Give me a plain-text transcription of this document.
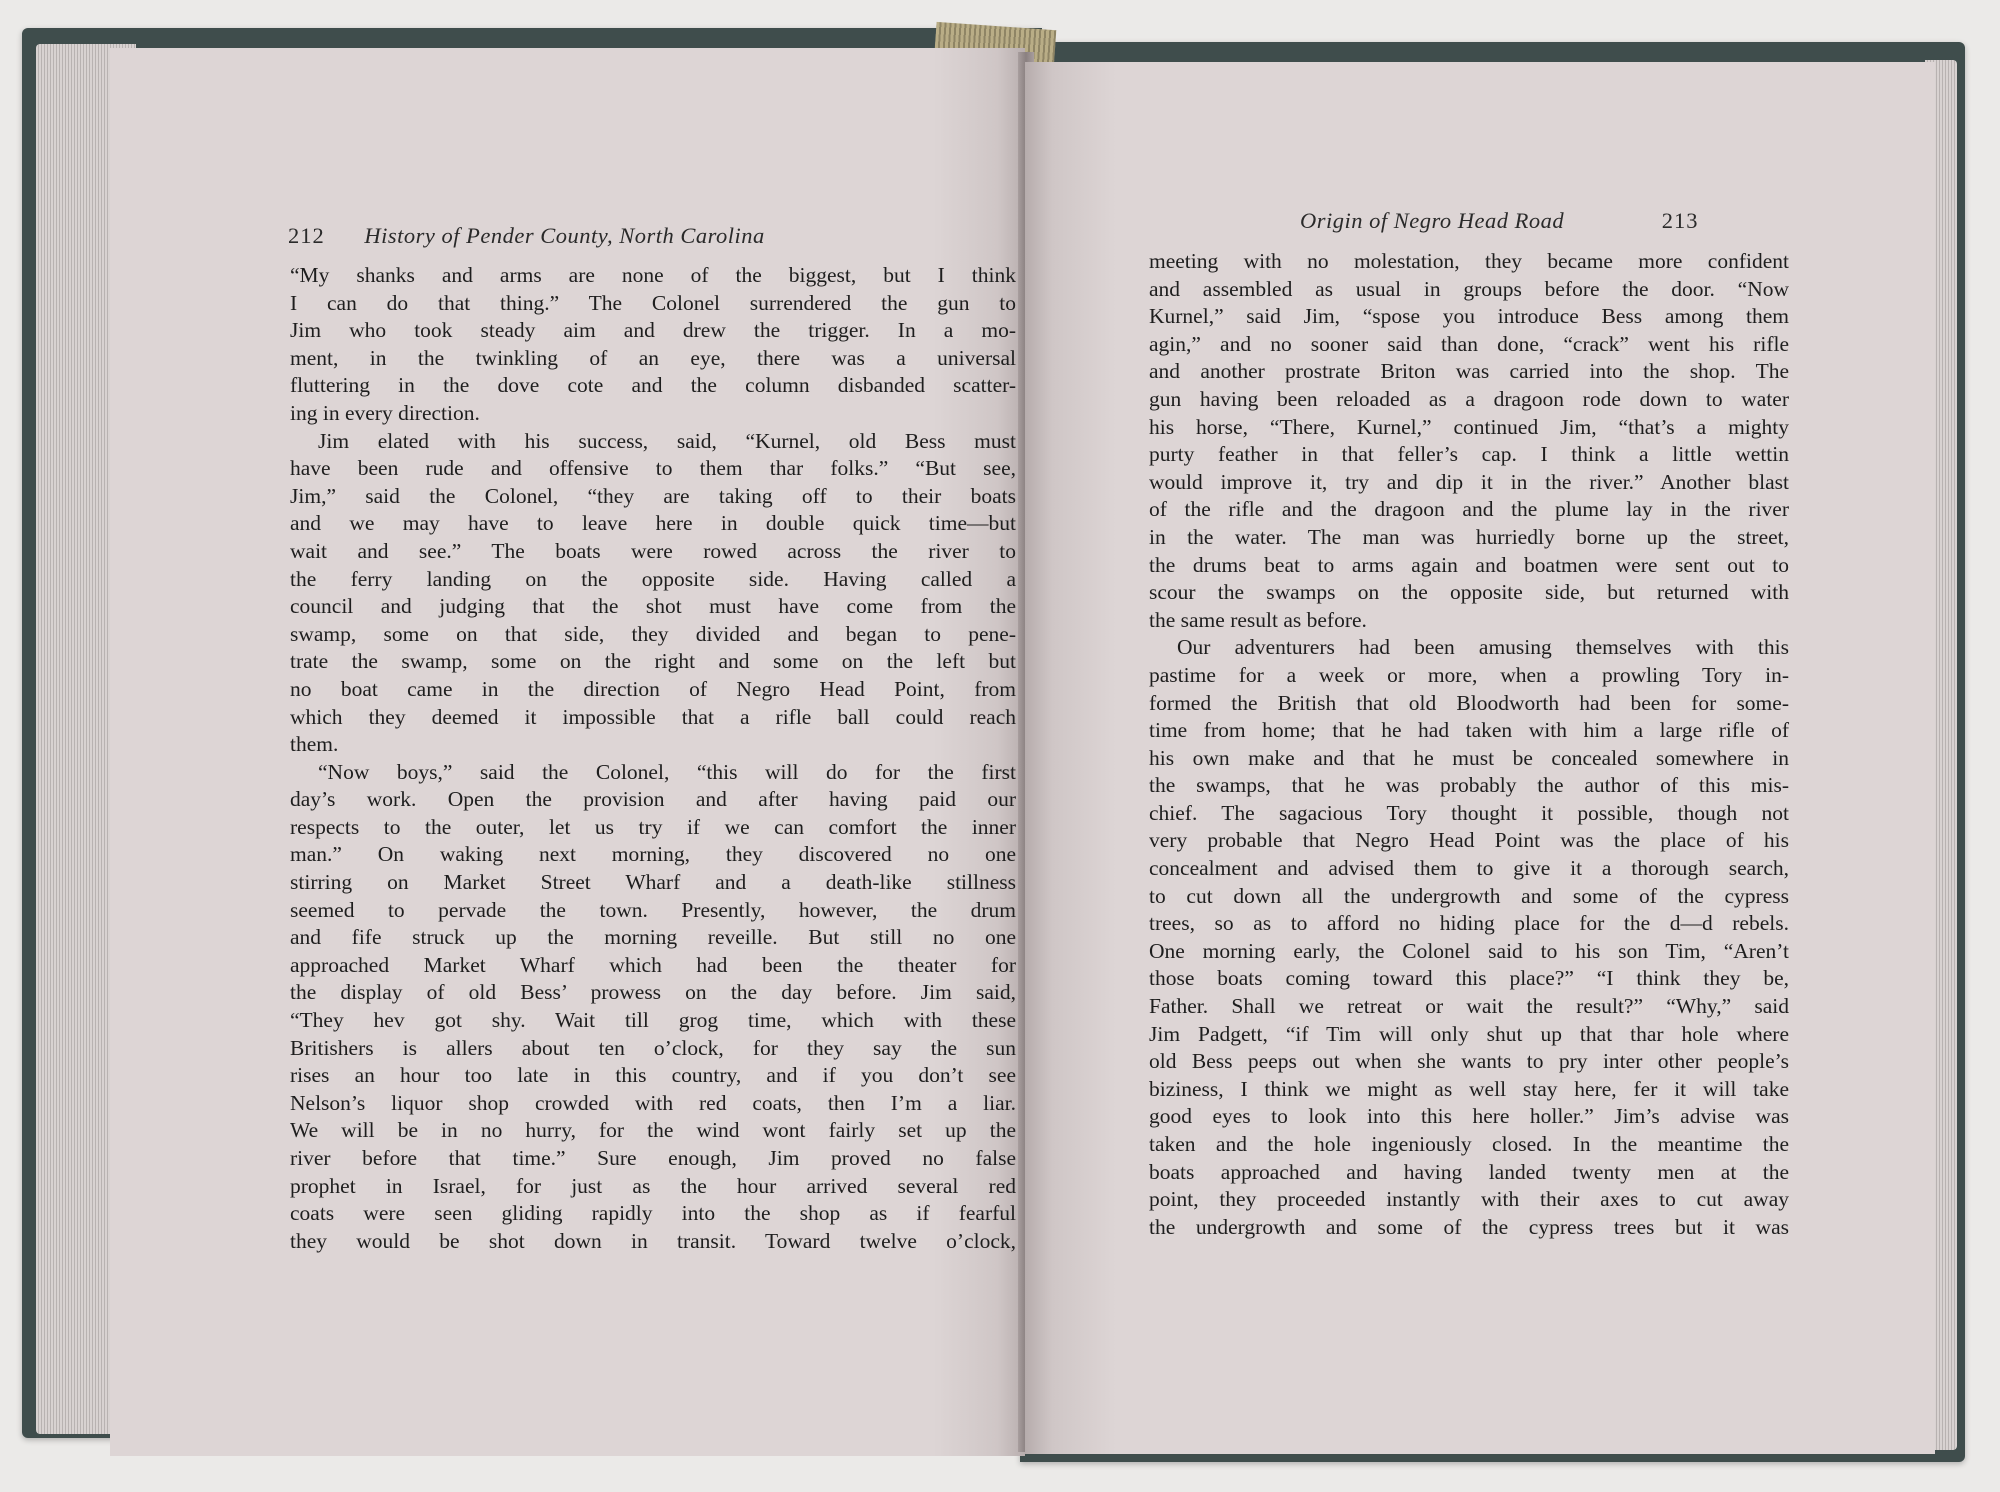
212 History of Pender County, North Carolina
“My shanks and arms are none of the biggest, but I think
I can do that thing.” The Colonel surrendered the gun to
Jim who took steady aim and drew the trigger. In a mo-
ment, in the twinkling of an eye, there was a universal
fluttering in the dove cote and the column disbanded scatter-
ing in every direction.
Jim elated with his success, said, “Kurnel, old Bess must
have been rude and offensive to them thar folks.” “But see,
Jim,” said the Colonel, “they are taking off to their boats
and we may have to leave here in double quick time—but
wait and see.” The boats were rowed across the river to
the ferry landing on the opposite side. Having called a
council and judging that the shot must have come from the
swamp, some on that side, they divided and began to pene-
trate the swamp, some on the right and some on the left but
no boat came in the direction of Negro Head Point, from
which they deemed it impossible that a rifle ball could reach
them.
“Now boys,” said the Colonel, “this will do for the first
day’s work. Open the provision and after having paid our
respects to the outer, let us try if we can comfort the inner
man.” On waking next morning, they discovered no one
stirring on Market Street Wharf and a death-like stillness
seemed to pervade the town. Presently, however, the drum
and fife struck up the morning reveille. But still no one
approached Market Wharf which had been the theater for
the display of old Bess’ prowess on the day before. Jim said,
“They hev got shy. Wait till grog time, which with these
Britishers is allers about ten o’clock, for they say the sun
rises an hour too late in this country, and if you don’t see
Nelson’s liquor shop crowded with red coats, then I’m a liar.
We will be in no hurry, for the wind wont fairly set up the
river before that time.” Sure enough, Jim proved no false
prophet in Israel, for just as the hour arrived several red
coats were seen gliding rapidly into the shop as if fearful
they would be shot down in transit. Toward twelve o’clock,
Origin of Negro Head Road	213
meeting with no molestation, they became more confident
and assembled as usual in groups before the door. “Now
Kurnel,” said Jim, “spose you introduce Bess among them
agin,” and no sooner said than done, “crack” went his rifle
and another prostrate Briton was carried into the shop. The
gun having been reloaded as a dragoon rode down to water
his horse, “There, Kurnel,” continued Jim, “that’s a mighty
purty feather in that feller’s cap. I think a little wettin
would improve it, try and dip it in the river.” Another blast
of the rifle and the dragoon and the plume lay in the river
in the water. The man was hurriedly borne up the street,
the drums beat to arms again and boatmen were sent out to
scour the swamps on the opposite side, but returned with
the same result as before.
Our adventurers had been amusing themselves with this
pastime for a week or more, when a prowling Tory in-
formed the British that old Bloodworth had been for some-
time from home; that he had taken with him a large rifle of
his own make and that he must be concealed somewhere in
the swamps, that he was probably the author of this mis-
chief. The sagacious Tory thought it possible, though not
very probable that Negro Head Point was the place of his
concealment and advised them to give it a thorough search,
to cut down all the undergrowth and some of the cypress
trees, so as to afford no hiding place for the d—d rebels.
One morning early, the Colonel said to his son Tim, “Aren’t
those boats coming toward this place?” “I think they be,
Father. Shall we retreat or wait the result?” “Why,” said
Jim Padgett, “if Tim will only shut up that thar hole where
old Bess peeps out when she wants to pry inter other people’s
biziness, I think we might as well stay here, fer it will take
good eyes to look into this here holler.” Jim’s advise was
taken and the hole ingeniously closed. In the meantime the
boats approached and having landed twenty men at the
point, they proceeded instantly with their axes to cut away
the undergrowth and some of the cypress trees but it was
